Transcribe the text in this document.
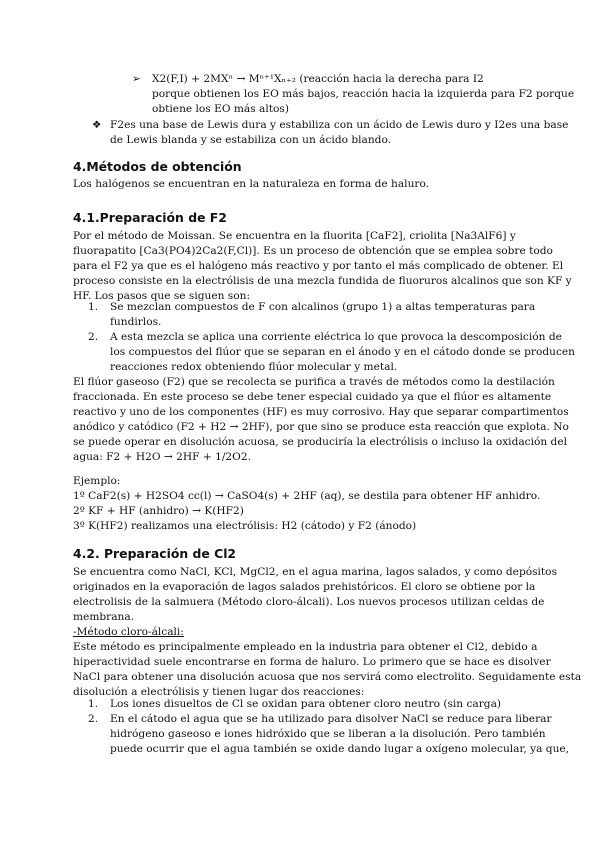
➢ X2(F,I) + 2MXⁿ → Mⁿ⁺¹Xₙ₊₂ (reacción hacia la derecha para I2
porque obtienen los EO más bajos, reacción hacia la izquierda para F2 porque
obtiene los EO más altos)
❖ F2es una base de Lewis dura y estabiliza con un ácido de Lewis duro y I2es una base
de Lewis blanda y se estabiliza con un ácido blando.
4.Métodos de obtención
Los halógenos se encuentran en la naturaleza en forma de haluro.
4.1.Preparación de F2
Por el método de Moissan. Se encuentra en la fluorita [CaF2], criolita [Na3AlF6] y
fluorapatito [Ca3(PO4)2Ca2(F,Cl)]. Es un proceso de obtención que se emplea sobre todo
para el F2 ya que es el halógeno más reactivo y por tanto el más complicado de obtener. El
proceso consiste en la electrólisis de una mezcla fundida de fluoruros alcalinos que son KF y
HF. Los pasos que se siguen son:
1. Se mezclan compuestos de F con alcalinos (grupo 1) a altas temperaturas para
fundirlos.
2. A esta mezcla se aplica una corriente eléctrica lo que provoca la descomposición de
los compuestos del flúor que se separan en el ánodo y en el cátodo donde se producen
reacciones redox obteniendo flúor molecular y metal.
El flúor gaseoso (F2) que se recolecta se purifica a través de métodos como la destilación
fraccionada. En este proceso se debe tener especial cuidado ya que el flúor es altamente
reactivo y uno de los componentes (HF) es muy corrosivo. Hay que separar compartimentos
anódico y catódico (F2 + H2 → 2HF), por que sino se produce esta reacción que explota. No
se puede operar en disolución acuosa, se produciría la electrólisis o incluso la oxidación del
agua: F2 + H2O → 2HF + 1/2O2.
Ejemplo:
1º CaF2(s) + H2SO4 cc(l) → CaSO4(s) + 2HF (aq), se destila para obtener HF anhidro.
2º KF + HF (anhidro) → K(HF2)
3º K(HF2) realizamos una electrólisis: H2 (cátodo) y F2 (ánodo)
4.2. Preparación de Cl2
Se encuentra como NaCl, KCl, MgCl2, en el agua marina, lagos salados, y como depósitos
originados en la evaporación de lagos salados prehistóricos. El cloro se obtiene por la
electrolisis de la salmuera (Método cloro-álcali). Los nuevos procesos utilizan celdas de
membrana.
-Método cloro-álcali:
Este método es principalmente empleado en la industria para obtener el Cl2, debido a
hiperactividad suele encontrarse en forma de haluro. Lo primero que se hace es disolver
NaCl para obtener una disolución acuosa que nos servirá como electrolito. Seguidamente esta
disolución a electrólisis y tienen lugar dos reacciones:
1. Los iones disueltos de Cl se oxidan para obtener cloro neutro (sin carga)
2. En el cátodo el agua que se ha utilizado para disolver NaCl se reduce para liberar
hidrógeno gaseoso e iones hidróxido que se liberan a la disolución. Pero también
puede ocurrir que el agua también se oxide dando lugar a oxígeno molecular, ya que,
